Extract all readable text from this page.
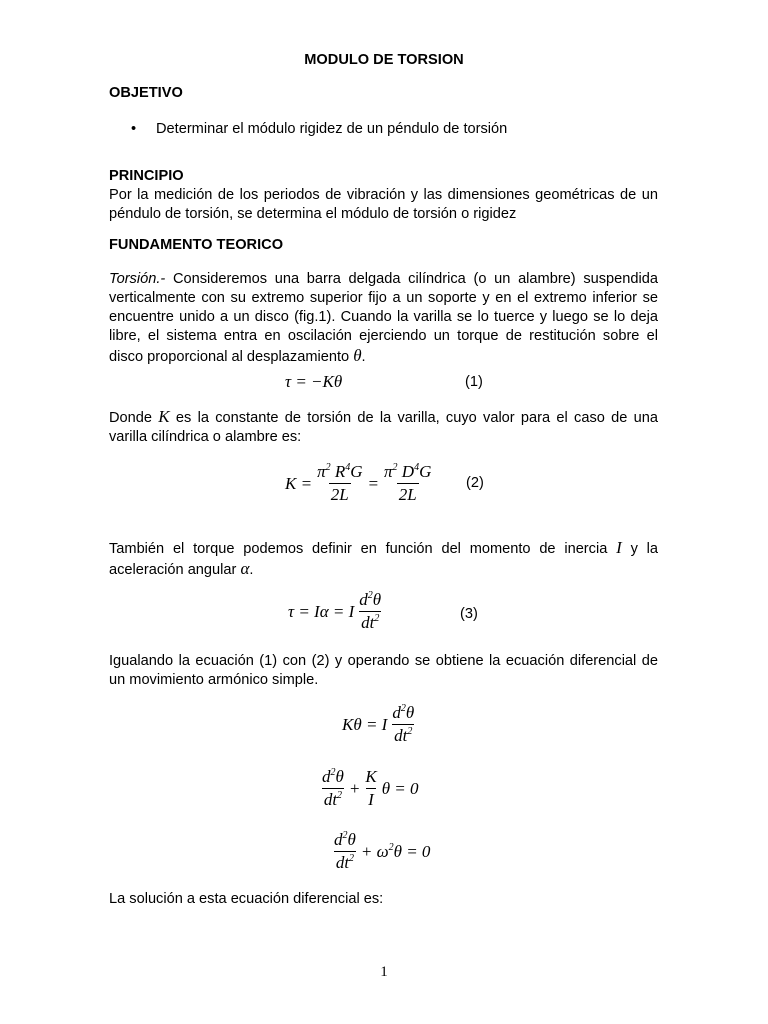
MODULO DE TORSION
OBJETIVO
• Determinar el módulo rigidez de un péndulo de torsión
PRINCIPIO
Por la medición de los periodos de vibración y las dimensiones geométricas de un péndulo de torsión, se determina el módulo de torsión o rigidez
FUNDAMENTO TEORICO
Torsión.- Consideremos una barra delgada cilíndrica (o un alambre) suspendida verticalmente con su extremo superior fijo a un soporte y en el extremo inferior se encuentre unido a un disco (fig.1). Cuando la varilla se lo tuerce y luego se lo deja libre, el sistema entra en oscilación ejerciendo un torque de restitución sobre el disco proporcional al desplazamiento θ.
τ = −Kθ	(1)
Donde K es la constante de torsión de la varilla, cuyo valor para el caso de una varilla cilíndrica o alambre es:
$K = \frac{\pi^2 R^4G}{2L} = \frac{\pi^2 D^4G}{2L} (2)$
También el torque podemos definir en función del momento de inercia I y la aceleración angular α.
τ = Iα = I $\frac{d^2\theta}{dt^2}$	(3)
Igualando la ecuación (1) con (2) y operando se obtiene la ecuación diferencial de un movimiento armónico simple.
Kθ = I $\frac{d^2\theta}{dt^2}$
$\frac{d^2\theta}{dt^2} + \frac{K}{I}$ θ = 0
$\frac{d^2\theta}{dt^2} + \omega^2\theta = 0$
La solución a esta ecuación diferencial es:
1
